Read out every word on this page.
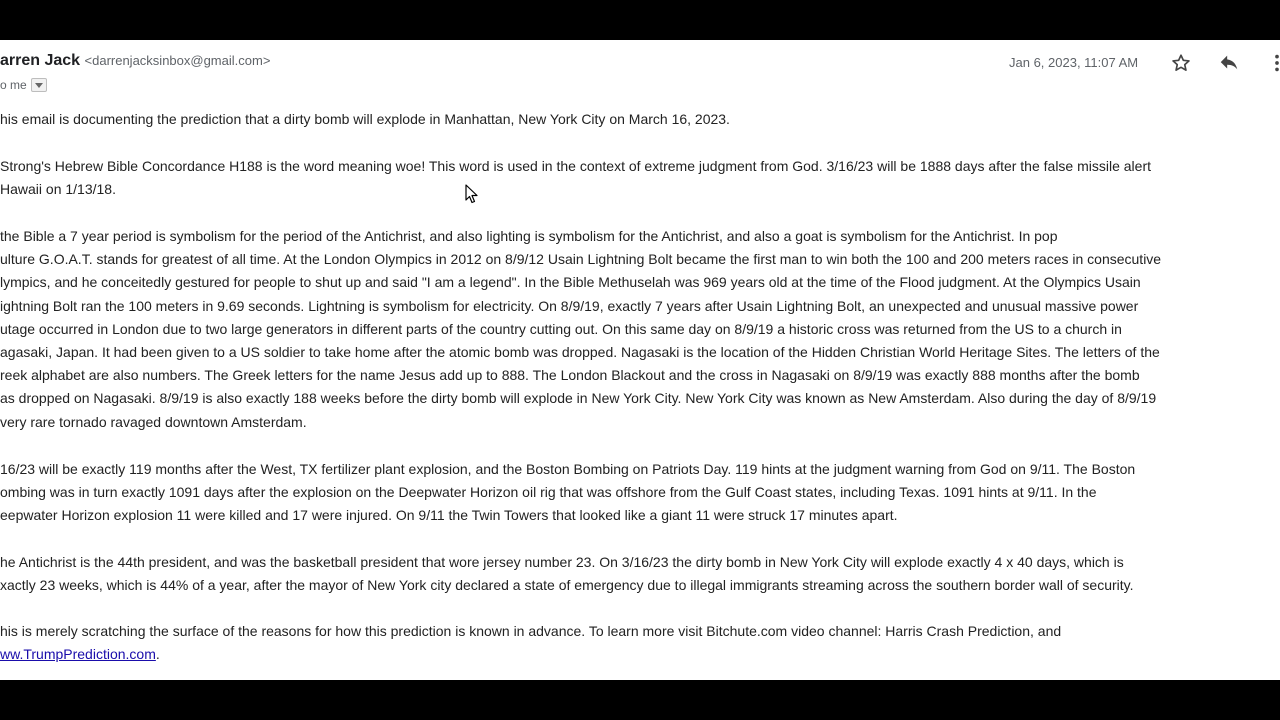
arren Jack <darrenjacksinbox@gmail.com>
o me
Jan 6, 2023, 11:07 AM
his email is documenting the prediction that a dirty bomb will explode in Manhattan, New York City on March 16, 2023.
Strong's Hebrew Bible Concordance H188 is the word meaning woe! This word is used in the context of extreme judgment from God. 3/16/23 will be 1888 days after the false missile alert
Hawaii on 1/13/18.
the Bible a 7 year period is symbolism for the period of the Antichrist, and also lighting is symbolism for the Antichrist, and also a goat is symbolism for the Antichrist. In pop
ulture G.O.A.T. stands for greatest of all time. At the London Olympics in 2012 on 8/9/12 Usain Lightning Bolt became the first man to win both the 100 and 200 meters races in consecutive
lympics, and he conceitedly gestured for people to shut up and said "I am a legend". In the Bible Methuselah was 969 years old at the time of the Flood judgment. At the Olympics Usain
ightning Bolt ran the 100 meters in 9.69 seconds. Lightning is symbolism for electricity. On 8/9/19, exactly 7 years after Usain Lightning Bolt, an unexpected and unusual massive power
utage occurred in London due to two large generators in different parts of the country cutting out. On this same day on 8/9/19 a historic cross was returned from the US to a church in
agasaki, Japan. It had been given to a US soldier to take home after the atomic bomb was dropped. Nagasaki is the location of the Hidden Christian World Heritage Sites. The letters of the
reek alphabet are also numbers. The Greek letters for the name Jesus add up to 888. The London Blackout and the cross in Nagasaki on 8/9/19 was exactly 888 months after the bomb
as dropped on Nagasaki. 8/9/19 is also exactly 188 weeks before the dirty bomb will explode in New York City. New York City was known as New Amsterdam. Also during the day of 8/9/19
very rare tornado ravaged downtown Amsterdam.
16/23 will be exactly 119 months after the West, TX fertilizer plant explosion, and the Boston Bombing on Patriots Day. 119 hints at the judgment warning from God on 9/11. The Boston
ombing was in turn exactly 1091 days after the explosion on the Deepwater Horizon oil rig that was offshore from the Gulf Coast states, including Texas. 1091 hints at 9/11. In the
eepwater Horizon explosion 11 were killed and 17 were injured. On 9/11 the Twin Towers that looked like a giant 11 were struck 17 minutes apart.
he Antichrist is the 44th president, and was the basketball president that wore jersey number 23. On 3/16/23 the dirty bomb in New York City will explode exactly 4 x 40 days, which is
xactly 23 weeks, which is 44% of a year, after the mayor of New York city declared a state of emergency due to illegal immigrants streaming across the southern border wall of security.
his is merely scratching the surface of the reasons for how this prediction is known in advance. To learn more visit Bitchute.com video channel: Harris Crash Prediction, and
ww.TrumpPrediction.com.
